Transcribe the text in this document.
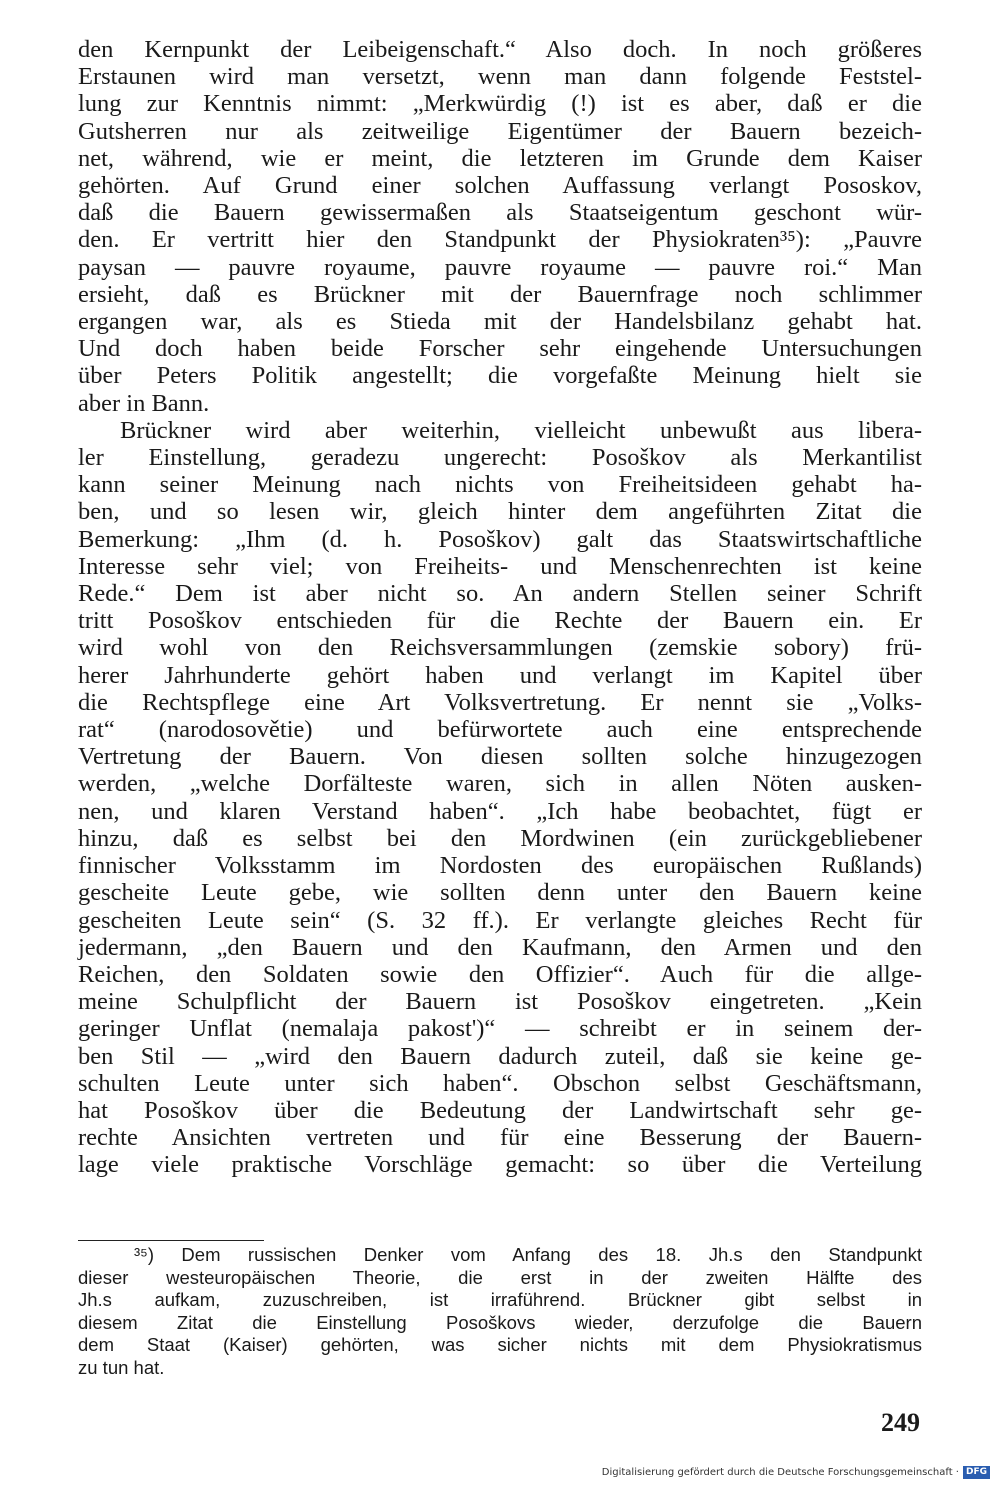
den Kernpunkt der Leibeigenschaft.“ Also doch. In noch größeres
Erstaunen wird man versetzt, wenn man dann folgende Feststel-
lung zur Kenntnis nimmt: „Merkwürdig (!) ist es aber, daß er die
Gutsherren nur als zeitweilige Eigentümer der Bauern bezeich-
net, während, wie er meint, die letzteren im Grunde dem Kaiser
gehörten. Auf Grund einer solchen Auffassung verlangt Pososkov,
daß die Bauern gewissermaßen als Staatseigentum geschont wür-
den. Er vertritt hier den Standpunkt der Physiokraten³⁵): „Pauvre
paysan — pauvre royaume, pauvre royaume — pauvre roi.“ Man
ersieht, daß es Brückner mit der Bauernfrage noch schlimmer
ergangen war, als es Stieda mit der Handelsbilanz gehabt hat.
Und doch haben beide Forscher sehr eingehende Untersuchungen
über Peters Politik angestellt; die vorgefaßte Meinung hielt sie
aber in Bann.
Brückner wird aber weiterhin, vielleicht unbewußt aus libera-
ler Einstellung, geradezu ungerecht: Posoškov als Merkantilist
kann seiner Meinung nach nichts von Freiheitsideen gehabt ha-
ben, und so lesen wir, gleich hinter dem angeführten Zitat die
Bemerkung: „Ihm (d. h. Posoškov) galt das Staatswirtschaftliche
Interesse sehr viel; von Freiheits- und Menschenrechten ist keine
Rede.“ Dem ist aber nicht so. An andern Stellen seiner Schrift
tritt Posoškov entschieden für die Rechte der Bauern ein. Er
wird wohl von den Reichsversammlungen (zemskie sobory) frü-
herer Jahrhunderte gehört haben und verlangt im Kapitel über
die Rechtspflege eine Art Volksvertretung. Er nennt sie „Volks-
rat“ (narodosovětie) und befürwortete auch eine entsprechende
Vertretung der Bauern. Von diesen sollten solche hinzugezogen
werden, „welche Dorfälteste waren, sich in allen Nöten ausken-
nen, und klaren Verstand haben“. „Ich habe beobachtet, fügt er
hinzu, daß es selbst bei den Mordwinen (ein zurückgebliebener
finnischer Volksstamm im Nordosten des europäischen Rußlands)
gescheite Leute gebe, wie sollten denn unter den Bauern keine
gescheiten Leute sein“ (S. 32 ff.). Er verlangte gleiches Recht für
jedermann, „den Bauern und den Kaufmann, den Armen und den
Reichen, den Soldaten sowie den Offizier“. Auch für die allge-
meine Schulpflicht der Bauern ist Posoškov eingetreten. „Kein
geringer Unflat (nemalaja pakost')“ — schreibt er in seinem der-
ben Stil — „wird den Bauern dadurch zuteil, daß sie keine ge-
schulten Leute unter sich haben“. Obschon selbst Geschäftsmann,
hat Posoškov über die Bedeutung der Landwirtschaft sehr ge-
rechte Ansichten vertreten und für eine Besserung der Bauern-
lage viele praktische Vorschläge gemacht: so über die Verteilung
³⁵) Dem russischen Denker vom Anfang des 18. Jh.s den Standpunkt
dieser westeuropäischen Theorie, die erst in der zweiten Hälfte des
Jh.s aufkam, zuzuschreiben, ist irraführend. Brückner gibt selbst in
diesem Zitat die Einstellung Posoškovs wieder, derzufolge die Bauern
dem Staat (Kaiser) gehörten, was sicher nichts mit dem Physiokratismus
zu tun hat.
249
Digitalisierung gefördert durch die Deutsche Forschungsgemeinschaft · DFG
